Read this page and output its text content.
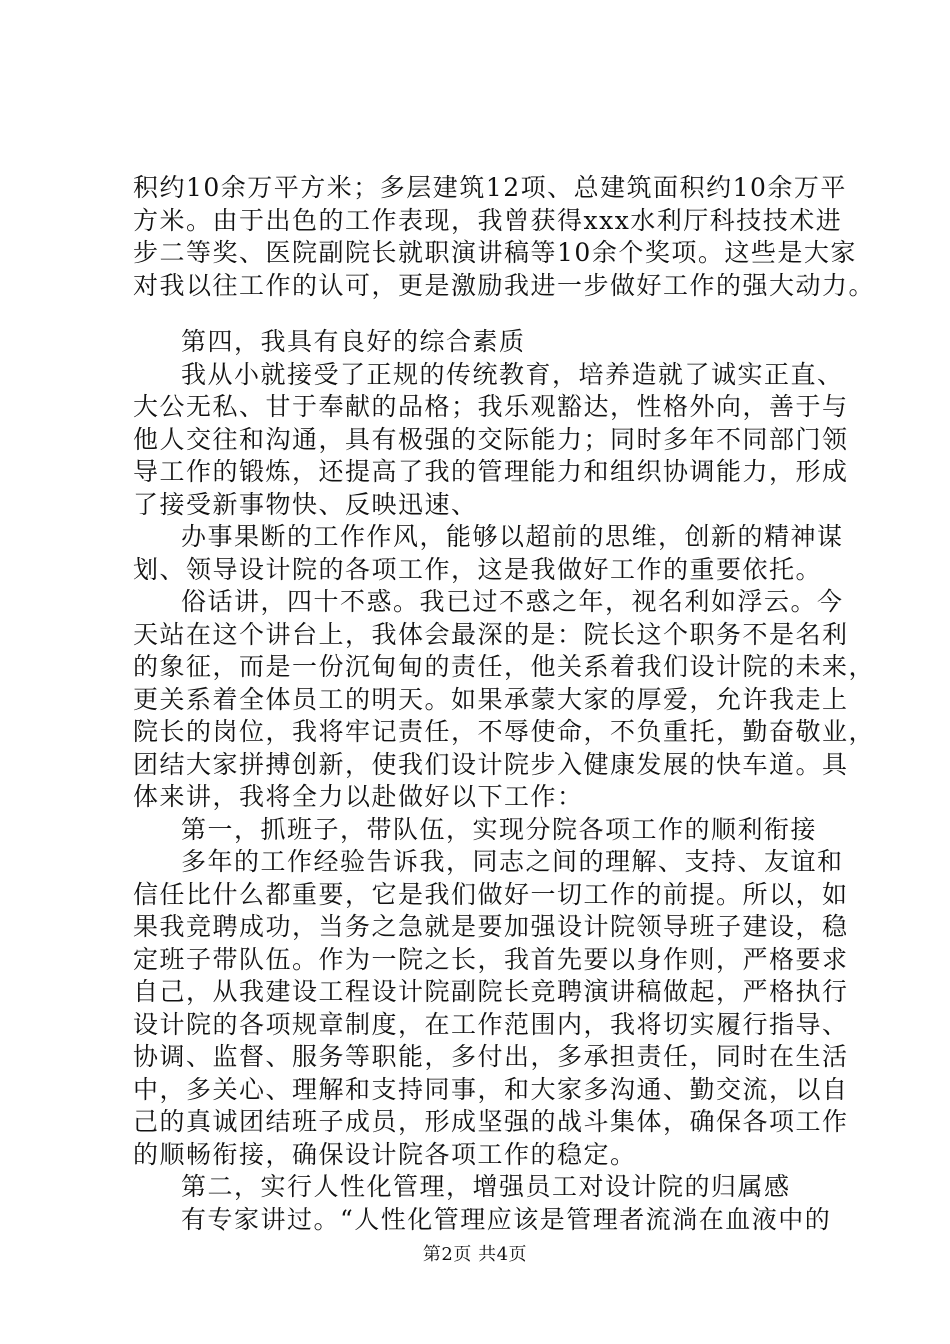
积约10余万平方米；多层建筑12项、总建筑面积约10余万平
方米。由于出色的工作表现，我曾获得xxx水利厅科技技术进
步二等奖、医院副院长就职演讲稿等10余个奖项。这些是大家
对我以往工作的认可，更是激励我进一步做好工作的强大动力。
第四，我具有良好的综合素质
我从小就接受了正规的传统教育，培养造就了诚实正直、
大公无私、甘于奉献的品格；我乐观豁达，性格外向，善于与
他人交往和沟通，具有极强的交际能力；同时多年不同部门领
导工作的锻炼，还提高了我的管理能力和组织协调能力，形成
了接受新事物快、反映迅速、
办事果断的工作作风，能够以超前的思维，创新的精神谋
划、领导设计院的各项工作，这是我做好工作的重要依托。
俗话讲，四十不惑。我已过不惑之年，视名利如浮云。今
天站在这个讲台上，我体会最深的是：院长这个职务不是名利
的象征，而是一份沉甸甸的责任，他关系着我们设计院的未来，
更关系着全体员工的明天。如果承蒙大家的厚爱，允许我走上
院长的岗位，我将牢记责任，不辱使命，不负重托，勤奋敬业，
团结大家拼搏创新，使我们设计院步入健康发展的快车道。具
体来讲，我将全力以赴做好以下工作：
第一，抓班子，带队伍，实现分院各项工作的顺利衔接
多年的工作经验告诉我，同志之间的理解、支持、友谊和
信任比什么都重要，它是我们做好一切工作的前提。所以，如
果我竞聘成功，当务之急就是要加强设计院领导班子建设，稳
定班子带队伍。作为一院之长，我首先要以身作则，严格要求
自己，从我建设工程设计院副院长竞聘演讲稿做起，严格执行
设计院的各项规章制度，在工作范围内，我将切实履行指导、
协调、监督、服务等职能，多付出，多承担责任，同时在生活
中，多关心、理解和支持同事，和大家多沟通、勤交流，以自
己的真诚团结班子成员，形成坚强的战斗集体，确保各项工作
的顺畅衔接，确保设计院各项工作的稳定。
第二，实行人性化管理，增强员工对设计院的归属感
有专家讲过。“人性化管理应该是管理者流淌在血液中的
第2页 共4页
